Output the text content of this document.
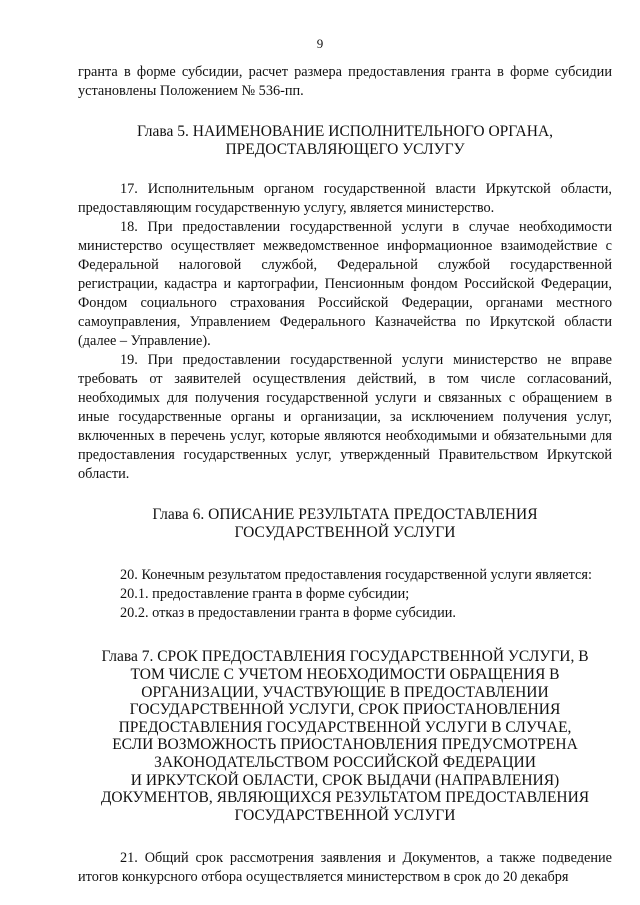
9

гранта в форме субсидии, расчет размера предоставления гранта в форме субсидии установлены Положением № 536-пп.

Глава 5. НАИМЕНОВАНИЕ ИСПОЛНИТЕЛЬНОГО ОРГАНА,
ПРЕДОСТАВЛЯЮЩЕГО УСЛУГУ

17. Исполнительным органом государственной власти Иркутской области, предоставляющим государственную услугу, является министерство.

18. При предоставлении государственной услуги в случае необходимости министерство осуществляет межведомственное информационное взаимодействие с Федеральной налоговой службой, Федеральной службой государственной регистрации, кадастра и картографии, Пенсионным фондом Российской Федерации, Фондом социального страхования Российской Федерации, органами местного самоуправления, Управлением Федерального Казначейства по Иркутской области (далее – Управление).

19. При предоставлении государственной услуги министерство не вправе требовать от заявителей осуществления действий, в том числе согласований, необходимых для получения государственной услуги и связанных с обращением в иные государственные органы и организации, за исключением получения услуг, включенных в перечень услуг, которые являются необходимыми и обязательными для предоставления государственных услуг, утвержденный Правительством Иркутской области.

Глава 6. ОПИСАНИЕ РЕЗУЛЬТАТА ПРЕДОСТАВЛЕНИЯ
ГОСУДАРСТВЕННОЙ УСЛУГИ

20. Конечным результатом предоставления государственной услуги является:

20.1. предоставление гранта в форме субсидии;

20.2. отказ в предоставлении гранта в форме субсидии.

Глава 7. СРОК ПРЕДОСТАВЛЕНИЯ ГОСУДАРСТВЕННОЙ УСЛУГИ, В
ТОМ ЧИСЛЕ С УЧЕТОМ НЕОБХОДИМОСТИ ОБРАЩЕНИЯ В
ОРГАНИЗАЦИИ, УЧАСТВУЮЩИЕ В ПРЕДОСТАВЛЕНИИ
ГОСУДАРСТВЕННОЙ УСЛУГИ, СРОК ПРИОСТАНОВЛЕНИЯ
ПРЕДОСТАВЛЕНИЯ ГОСУДАРСТВЕННОЙ УСЛУГИ В СЛУЧАЕ,
ЕСЛИ ВОЗМОЖНОСТЬ ПРИОСТАНОВЛЕНИЯ ПРЕДУСМОТРЕНА
ЗАКОНОДАТЕЛЬСТВОМ РОССИЙСКОЙ ФЕДЕРАЦИИ
И ИРКУТСКОЙ ОБЛАСТИ, СРОК ВЫДАЧИ (НАПРАВЛЕНИЯ)
ДОКУМЕНТОВ, ЯВЛЯЮЩИХСЯ РЕЗУЛЬТАТОМ ПРЕДОСТАВЛЕНИЯ
ГОСУДАРСТВЕННОЙ УСЛУГИ

21. Общий срок рассмотрения заявления и Документов, а также подведение итогов конкурсного отбора осуществляется министерством в срок до 20 декабря
